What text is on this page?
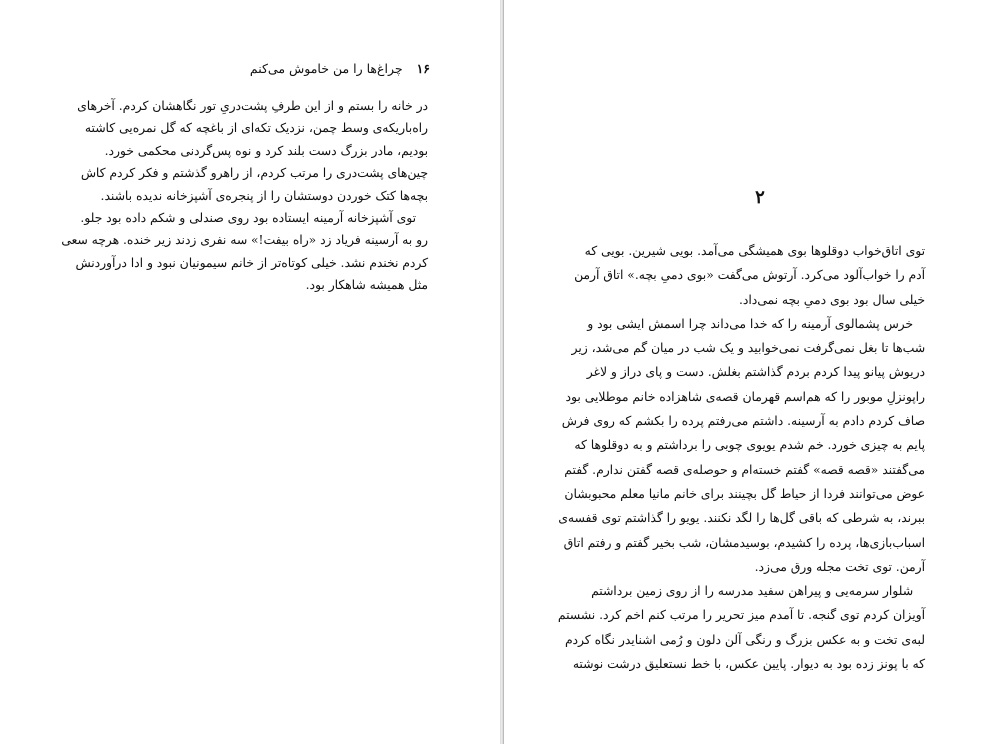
۱۶ چراغ‌ها را من خاموش می‌کنم
در خانه را بستم و از این طرفِ پشت‌دریِ تور نگاهشان کردم. آخرهای
راه‌باریکه‌ی وسط چمن، نزدیک تکه‌ای از باغچه که گل نمره‌یی کاشته
بودیم، مادر بزرگ دست بلند کرد و نوه پس‌گردنی محکمی خورد.
چین‌های پشت‌دری را مرتب کردم، از راهرو گذشتم و فکر کردم کاش
بچه‌ها کتک خوردن دوستشان را از پنجره‌ی آشپزخانه ندیده باشند.
توی آشپزخانه آرمینه ایستاده بود روی صندلی و شکم داده بود جلو.
رو به آرسینه فریاد زد «راه بیفت!» سه نفری زدند زیر خنده. هرچه سعی
کردم نخندم نشد. خیلی کوتاه‌تر از خانم سیمونیان نبود و ادا درآوردنش
مثل همیشه شاهکار بود.
۲
توی اتاق‌خواب دوقلوها بوی همیشگی می‌آمد. بویی شیرین. بویی که
آدم را خواب‌آلود می‌کرد. آرتوش می‌گفت «بوی دمیِ بچه.» اتاق آرمن
خیلی سال بود بوی دمیِ بچه نمی‌داد.
خرس پشمالوی آرمینه را که خدا می‌داند چرا اسمش ایشی بود و
شب‌ها تا بغل نمی‌گرفت نمی‌خوابید و یک شب در میان گم می‌شد، زیر
دریوش پیانو پیدا کردم بردم گذاشتم بغلش. دست و پای دراز و لاغر
راپونزلِ موبور را که هم‌اسم قهرمان قصه‌ی شاهزاده خانم موطلایی بود
صاف کردم دادم به آرسینه. داشتم می‌رفتم پرده را بکشم که روی فرش
پایم به چیزی خورد. خم شدم یویوی چوبی را برداشتم و به دوقلوها که
می‌گفتند «قصه قصه» گفتم خسته‌ام و حوصله‌ی قصه گفتن ندارم. گفتم
عوض می‌توانند فردا از حیاط گل بچینند برای خانم مانیا معلم محبوبشان
ببرند، به شرطی که باقی گل‌ها را لگد نکنند. یویو را گذاشتم توی قفسه‌ی
اسباب‌بازی‌ها، پرده را کشیدم، بوسیدمشان، شب بخیر گفتم و رفتم اتاق
آرمن. توی تخت مجله ورق می‌زد.
شلوار سرمه‌یی و پیراهن سفید مدرسه را از روی زمین برداشتم
آویزان کردم توی گنجه. تا آمدم میز تحریر را مرتب کنم اخم کرد. نشستم
لبه‌ی تخت و به عکس بزرگ و رنگی آلن دلون و رُمی اشنایدر نگاه کردم
که با پونز زده بود به دیوار. پایین عکس، با خط نستعلیق درشت نوشته
